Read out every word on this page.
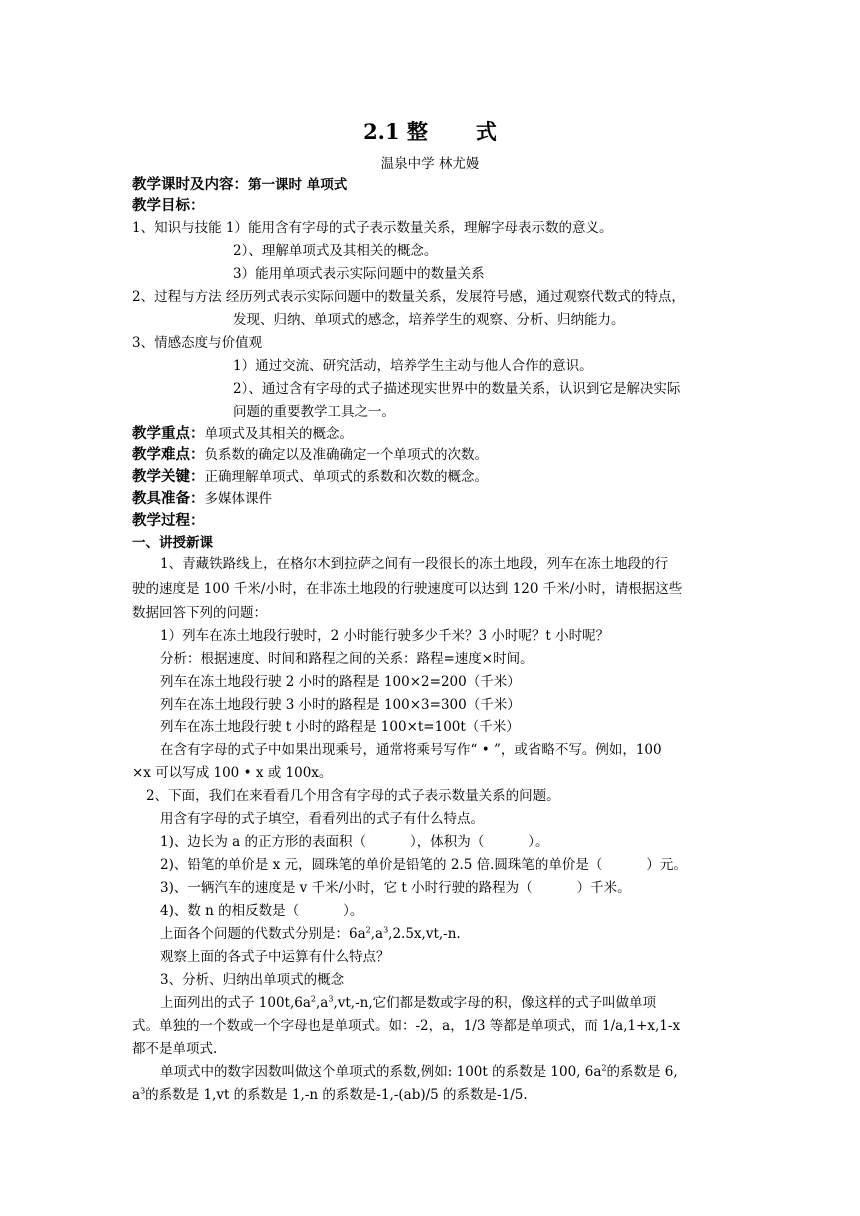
2.1 整 式
温泉中学 林尤嫚
教学课时及内容：第一课时 单项式
教学目标：
1、知识与技能 1）能用含有字母的式子表示数量关系，理解字母表示数的意义。
2）、理解单项式及其相关的概念。
3）能用单项式表示实际问题中的数量关系
2、过程与方法 经历列式表示实际问题中的数量关系，发展符号感，通过观察代数式的特点，
发现、归纳、单项式的感念，培养学生的观察、分析、归纳能力。
3、情感态度与价值观
1）通过交流、研究活动，培养学生主动与他人合作的意识。
2）、通过含有字母的式子描述现实世界中的数量关系，认识到它是解决实际
问题的重要教学工具之一。
教学重点：单项式及其相关的概念。
教学难点：负系数的确定以及准确确定一个单项式的次数。
教学关键：正确理解单项式、单项式的系数和次数的概念。
教具准备：多媒体课件
教学过程：
一、讲授新课
1、青藏铁路线上，在格尔木到拉萨之间有一段很长的冻土地段，列车在冻土地段的行
驶的速度是 100 千米/小时，在非冻土地段的行驶速度可以达到 120 千米/小时，请根据这些
数据回答下列的问题：
1）列车在冻土地段行驶时，2 小时能行驶多少千米？3 小时呢？t 小时呢？
分析：根据速度、时间和路程之间的关系：路程=速度×时间。
列车在冻土地段行驶 2 小时的路程是 100×2=200（千米）
列车在冻土地段行驶 3 小时的路程是 100×3=300（千米）
列车在冻土地段行驶 t 小时的路程是 100×t=100t（千米）
在含有字母的式子中如果出现乘号，通常将乘号写作“ • ”，或省略不写。例如，100
×x 可以写成 100 • x 或 100x。
2、下面，我们在来看看几个用含有字母的式子表示数量关系的问题。
用含有字母的式子填空，看看列出的式子有什么特点。
1)、边长为 a 的正方形的表面积（	），体积为（	）。
2)、铅笔的单价是 x 元，圆珠笔的单价是铅笔的 2.5 倍.圆珠笔的单价是（	）元。
3)、一辆汽车的速度是 v 千米/小时，它 t 小时行驶的路程为（	）千米。
4)、数 n 的相反数是（	）。
上面各个问题的代数式分别是：$6a^2,a^3,2.5x,vt,-n$.
观察上面的各式子中运算有什么特点？
3、分析、归纳出单项式的概念
上面列出的式子 $100t,6a^2,a^3,vt,-n$,它们都是数或字母的积，像这样的式子叫做单项
式。单独的一个数或一个字母也是单项式。如：-2，a，1/3 等都是单项式，而 1/a,1+x,1-x
都不是单项式.
单项式中的数字因数叫做这个单项式的系数,例如: 100t 的系数是 100, $6a^2$的系数是 6,
$a^3$的系数是 1,vt 的系数是 1,-n 的系数是-1,-(ab)/5 的系数是-1/5.
